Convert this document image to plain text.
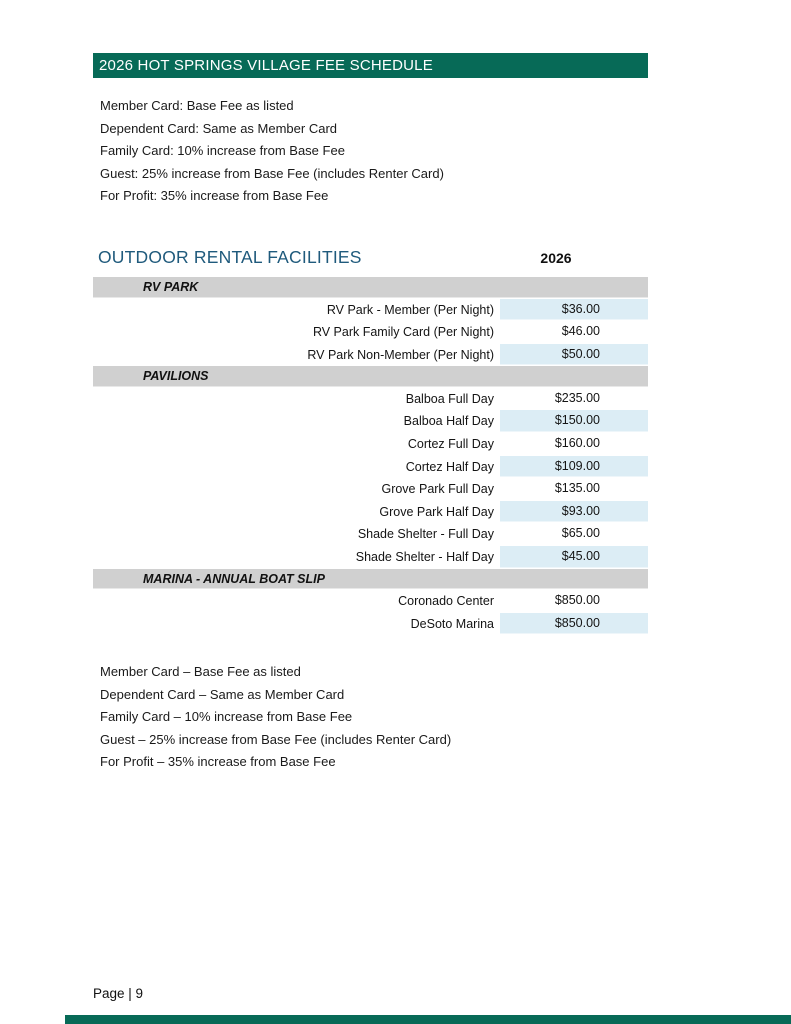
2026 HOT SPRINGS VILLAGE FEE SCHEDULE
Member Card: Base Fee as listed
Dependent Card: Same as Member Card
Family Card: 10% increase from Base Fee
Guest: 25% increase from Base Fee (includes Renter Card)
For Profit: 35% increase from Base Fee
OUTDOOR RENTAL FACILITIES	2026
RV PARK
RV Park - Member (Per Night)	$36.00
RV Park Family Card (Per Night)	$46.00
RV Park Non-Member (Per Night)	$50.00
PAVILIONS
Balboa Full Day	$235.00
Balboa Half Day	$150.00
Cortez Full Day	$160.00
Cortez Half Day	$109.00
Grove Park Full Day	$135.00
Grove Park Half Day	$93.00
Shade Shelter - Full Day	$65.00
Shade Shelter - Half Day	$45.00
MARINA - ANNUAL BOAT SLIP
Coronado Center	$850.00
DeSoto Marina	$850.00
Member Card – Base Fee as listed
Dependent Card – Same as Member Card
Family Card – 10% increase from Base Fee
Guest – 25% increase from Base Fee (includes Renter Card)
For Profit – 35% increase from Base Fee
Page | 9
